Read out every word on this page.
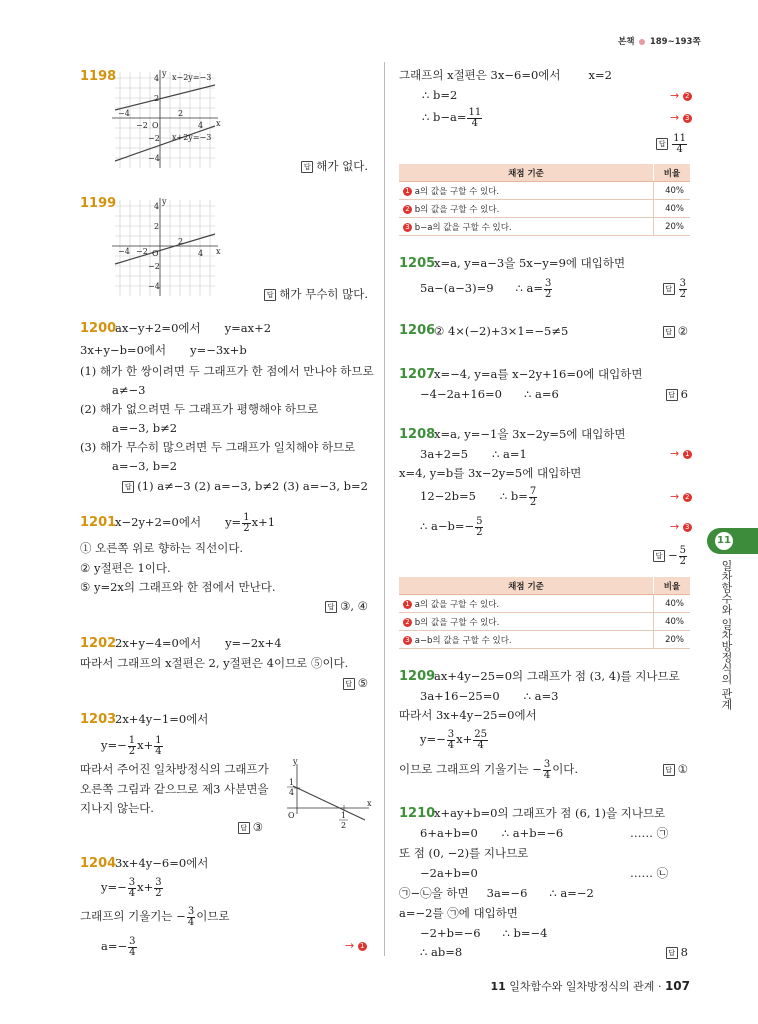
본책 189~193쪽
1198	y
x
O
4
2
−2
−4
−4
−2
2
4
x−2y=−3
x+2y=−3
답 해가 없다.
1199	y
x
O
4
2
−2
−4
−4 −2
2
4
답 해가 무수히 많다.
1200
ax−y+2=0에서 y=ax+2
3x+y−b=0에서 y=−3x+b
(1) 해가 한 쌍이려면 두 그래프가 한 점에서 만나야 하므로
a≠−3
(2) 해가 없으려면 두 그래프가 평행해야 하므로
a=−3, b≠2
(3) 해가 무수히 많으려면 두 그래프가 일치해야 하므로
a=−3, b=2
답 (1) a≠−3 (2) a=−3, b≠2 (3) a=−3, b=2
1201
x−2y+2=0에서 $y= \frac{1}{2} x+1$
① 오른쪽 위로 향하는 직선이다.
② y절편은 1이다.
⑤ y=2x의 그래프와 한 점에서 만난다.
답 ③, ④
1202
2x+y−4=0에서 y=−2x+4
따라서 그래프의 x절편은 2, y절편은 4이므로 ⑤이다.
답 ⑤
1203
2x+4y−1=0에서
$y=- \frac{1}{2} x+ \frac{1}{4}$
따라서 주어진 일차방정식의 그래프가
오른쪽 그림과 같으므로 제3 사분면을
지나지 않는다.
y
x
O
1
4
1
2
답 ③
1204
3x+4y−6=0에서
$y=- \frac{3}{4} x+ \frac{3}{2}$
그래프의 기울기는 − $\frac{3}{4}$ 이므로
$a=- \frac{3}{4}$	→ 1
그래프의 x절편은 3x−6=0에서 x=2
∴ b=2	→ 2
∴ $b-a= \frac{11}{4}$	→ 3
답 $\frac{11}{4}$
채점 기준	비율
1 a의 값을 구할 수 있다.	40%
2 b의 값을 구할 수 있다.	40%
3 b−a의 값을 구할 수 있다.	20%
1205
x=a, y=a−3을 5x−y=9에 대입하면
5a−(a−3)=9 ∴ $a= \frac{3}{2}$	답 $\frac{3}{2}$
1206
② 4×(−2)+3×1=−5≠5	답 ②
1207
x=−4, y=a를 x−2y+16=0에 대입하면
−4−2a+16=0 ∴ a=6	답 6
1208
x=a, y=−1을 3x−2y=5에 대입하면
3a+2=5 ∴ a=1	→ 1
x=4, y=b를 3x−2y=5에 대입하면
12−2b=5 ∴ $b= \frac{7}{2}$	→ 2
∴ $a-b=- \frac{5}{2}$	→ 3
답 − $\frac{5}{2}$
채점 기준	비율
1 a의 값을 구할 수 있다.	40%
2 b의 값을 구할 수 있다.	40%
3 a−b의 값을 구할 수 있다.	20%
1209
ax+4y−25=0의 그래프가 점 (3, 4)를 지나므로
3a+16−25=0 ∴ a=3
따라서 3x+4y−25=0에서
$y=- \frac{3}{4} x+ \frac{25}{4}$
이므로 그래프의 기울기는 − $\frac{3}{4}$ 이다.	답 ①
1210
x+ay+b=0의 그래프가 점 (6, 1)을 지나므로
6+a+b=0 ∴ a+b=−6	…… ㉠
또 점 (0, −2)를 지나므로
−2a+b=0	…… ㉡
㉠−㉡을 하면 3a=−6 ∴ a=−2
a=−2를 ㉠에 대입하면
−2+b=−6 ∴ b=−4
∴ ab=8	답 8
11
일차함수와 일차방정식의 관계
11 일차함수와 일차방정식의 관계 · 107
